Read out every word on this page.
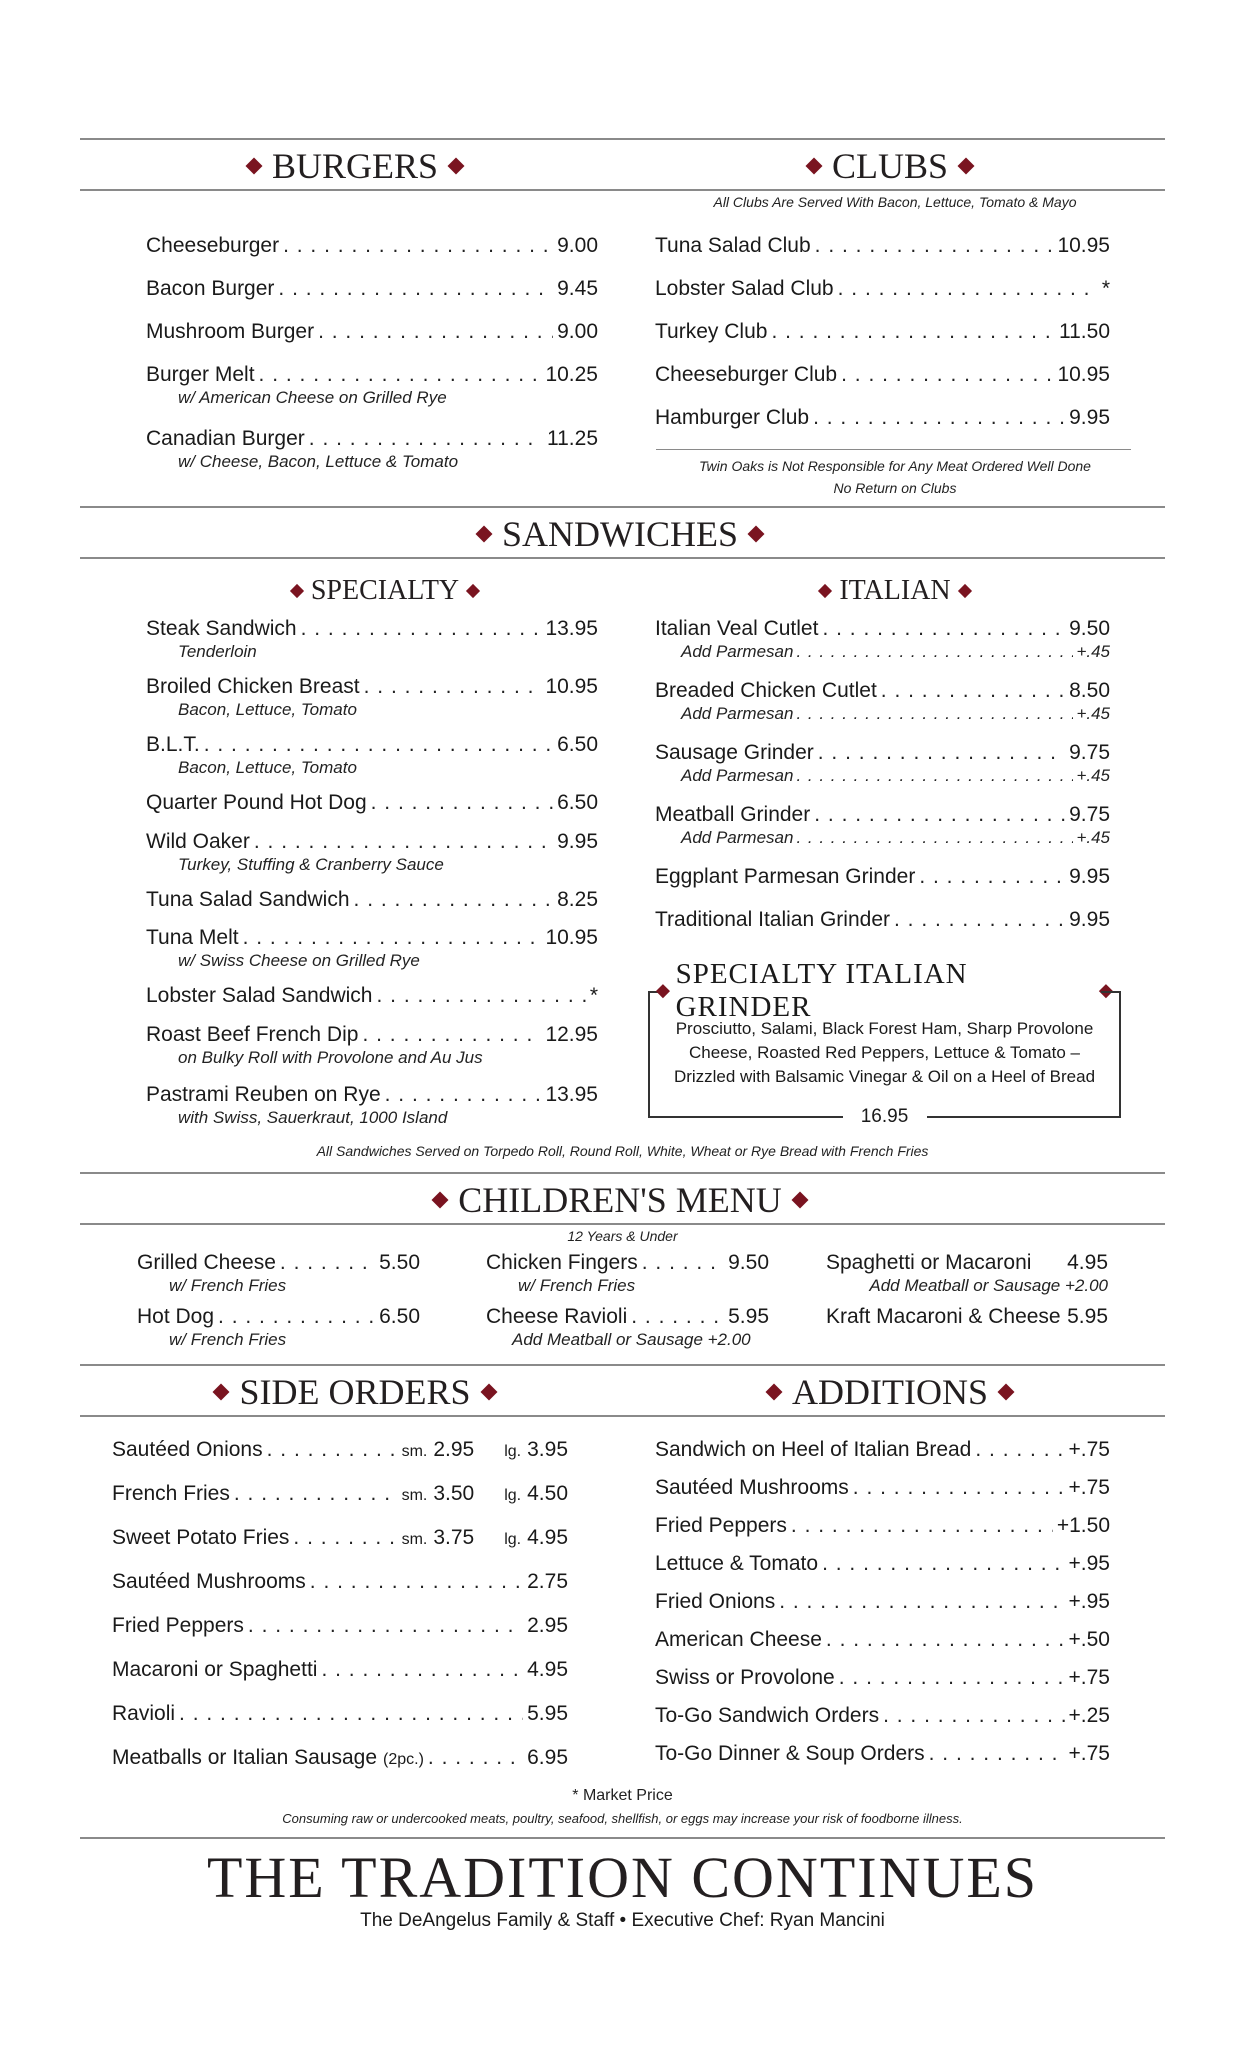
BURGERS	CLUBS
All Clubs Are Served With Bacon, Lettuce, Tomato & Mayo
Cheeseburger . . .	9.00
Bacon Burger . . .	9.45
Mushroom Burger . . .	9.00
Burger Melt . . .	10.25
w/ American Cheese on Grilled Rye
Canadian Burger . . .	11.25
w/ Cheese, Bacon, Lettuce & Tomato
Tuna Salad Club . . .	10.95
Lobster Salad Club . . .	*
Turkey Club . . .	11.50
Cheeseburger Club . . .	10.95
Hamburger Club . . .	9.95
Twin Oaks is Not Responsible for Any Meat Ordered Well Done
No Return on Clubs
SANDWICHES
SPECIALTY	ITALIAN
Steak Sandwich . . .	13.95
Tenderloin
Broiled Chicken Breast . . .	10.95
Bacon, Lettuce, Tomato
B.L.T. . . .	6.50
Bacon, Lettuce, Tomato
Quarter Pound Hot Dog . . .	6.50
Wild Oaker . . .	9.95
Turkey, Stuffing & Cranberry Sauce
Tuna Salad Sandwich . . .	8.25
Tuna Melt . . .	10.95
w/ Swiss Cheese on Grilled Rye
Lobster Salad Sandwich . . .	*
Roast Beef French Dip . . .	12.95
on Bulky Roll with Provolone and Au Jus
Pastrami Reuben on Rye . . .	13.95
with Swiss, Sauerkraut, 1000 Island
Italian Veal Cutlet . . .	9.50
Add Parmesan . . .	+.45
Breaded Chicken Cutlet . . .	8.50
Add Parmesan . . .	+.45
Sausage Grinder . . .	9.75
Add Parmesan . . .	+.45
Meatball Grinder . . .	9.75
Add Parmesan . . .	+.45
Eggplant Parmesan Grinder . . .	9.95
Traditional Italian Grinder . . .	9.95
SPECIALTY ITALIAN GRINDER
Prosciutto, Salami, Black Forest Ham, Sharp Provolone Cheese, Roasted Red Peppers, Lettuce & Tomato – Drizzled with Balsamic Vinegar & Oil on a Heel of Bread
16.95
All Sandwiches Served on Torpedo Roll, Round Roll, White, Wheat or Rye Bread with French Fries
CHILDREN'S MENU
12 Years & Under
Grilled Cheese . . .	5.50
w/ French Fries
Hot Dog . . .	6.50
w/ French Fries
Chicken Fingers . . .	9.50
w/ French Fries
Cheese Ravioli . . .	5.95
Add Meatball or Sausage +2.00
Spaghetti or Macaroni 4.95
Add Meatball or Sausage +2.00
Kraft Macaroni & Cheese 5.95
SIDE ORDERS	ADDITIONS
Sautéed Onions . . .	sm. 2.95 lg. 3.95
French Fries . . .	sm. 3.50 lg. 4.50
Sweet Potato Fries . . .	sm. 3.75 lg. 4.95
Sautéed Mushrooms . . .	2.75
Fried Peppers . . .	2.95
Macaroni or Spaghetti . . .	4.95
Ravioli . . .	5.95
Meatballs or Italian Sausage (2pc.) . . .	6.95
Sandwich on Heel of Italian Bread . . .	+.75
Sautéed Mushrooms . . .	+.75
Fried Peppers . . .	+1.50
Lettuce & Tomato . . .	+.95
Fried Onions . . .	+.95
American Cheese . . .	+.50
Swiss or Provolone . . .	+.75
To-Go Sandwich Orders . . .	+.25
To-Go Dinner & Soup Orders . . .	+.75
* Market Price
Consuming raw or undercooked meats, poultry, seafood, shellfish, or eggs may increase your risk of foodborne illness.
THE TRADITION CONTINUES
The DeAngelus Family & Staff • Executive Chef: Ryan Mancini
